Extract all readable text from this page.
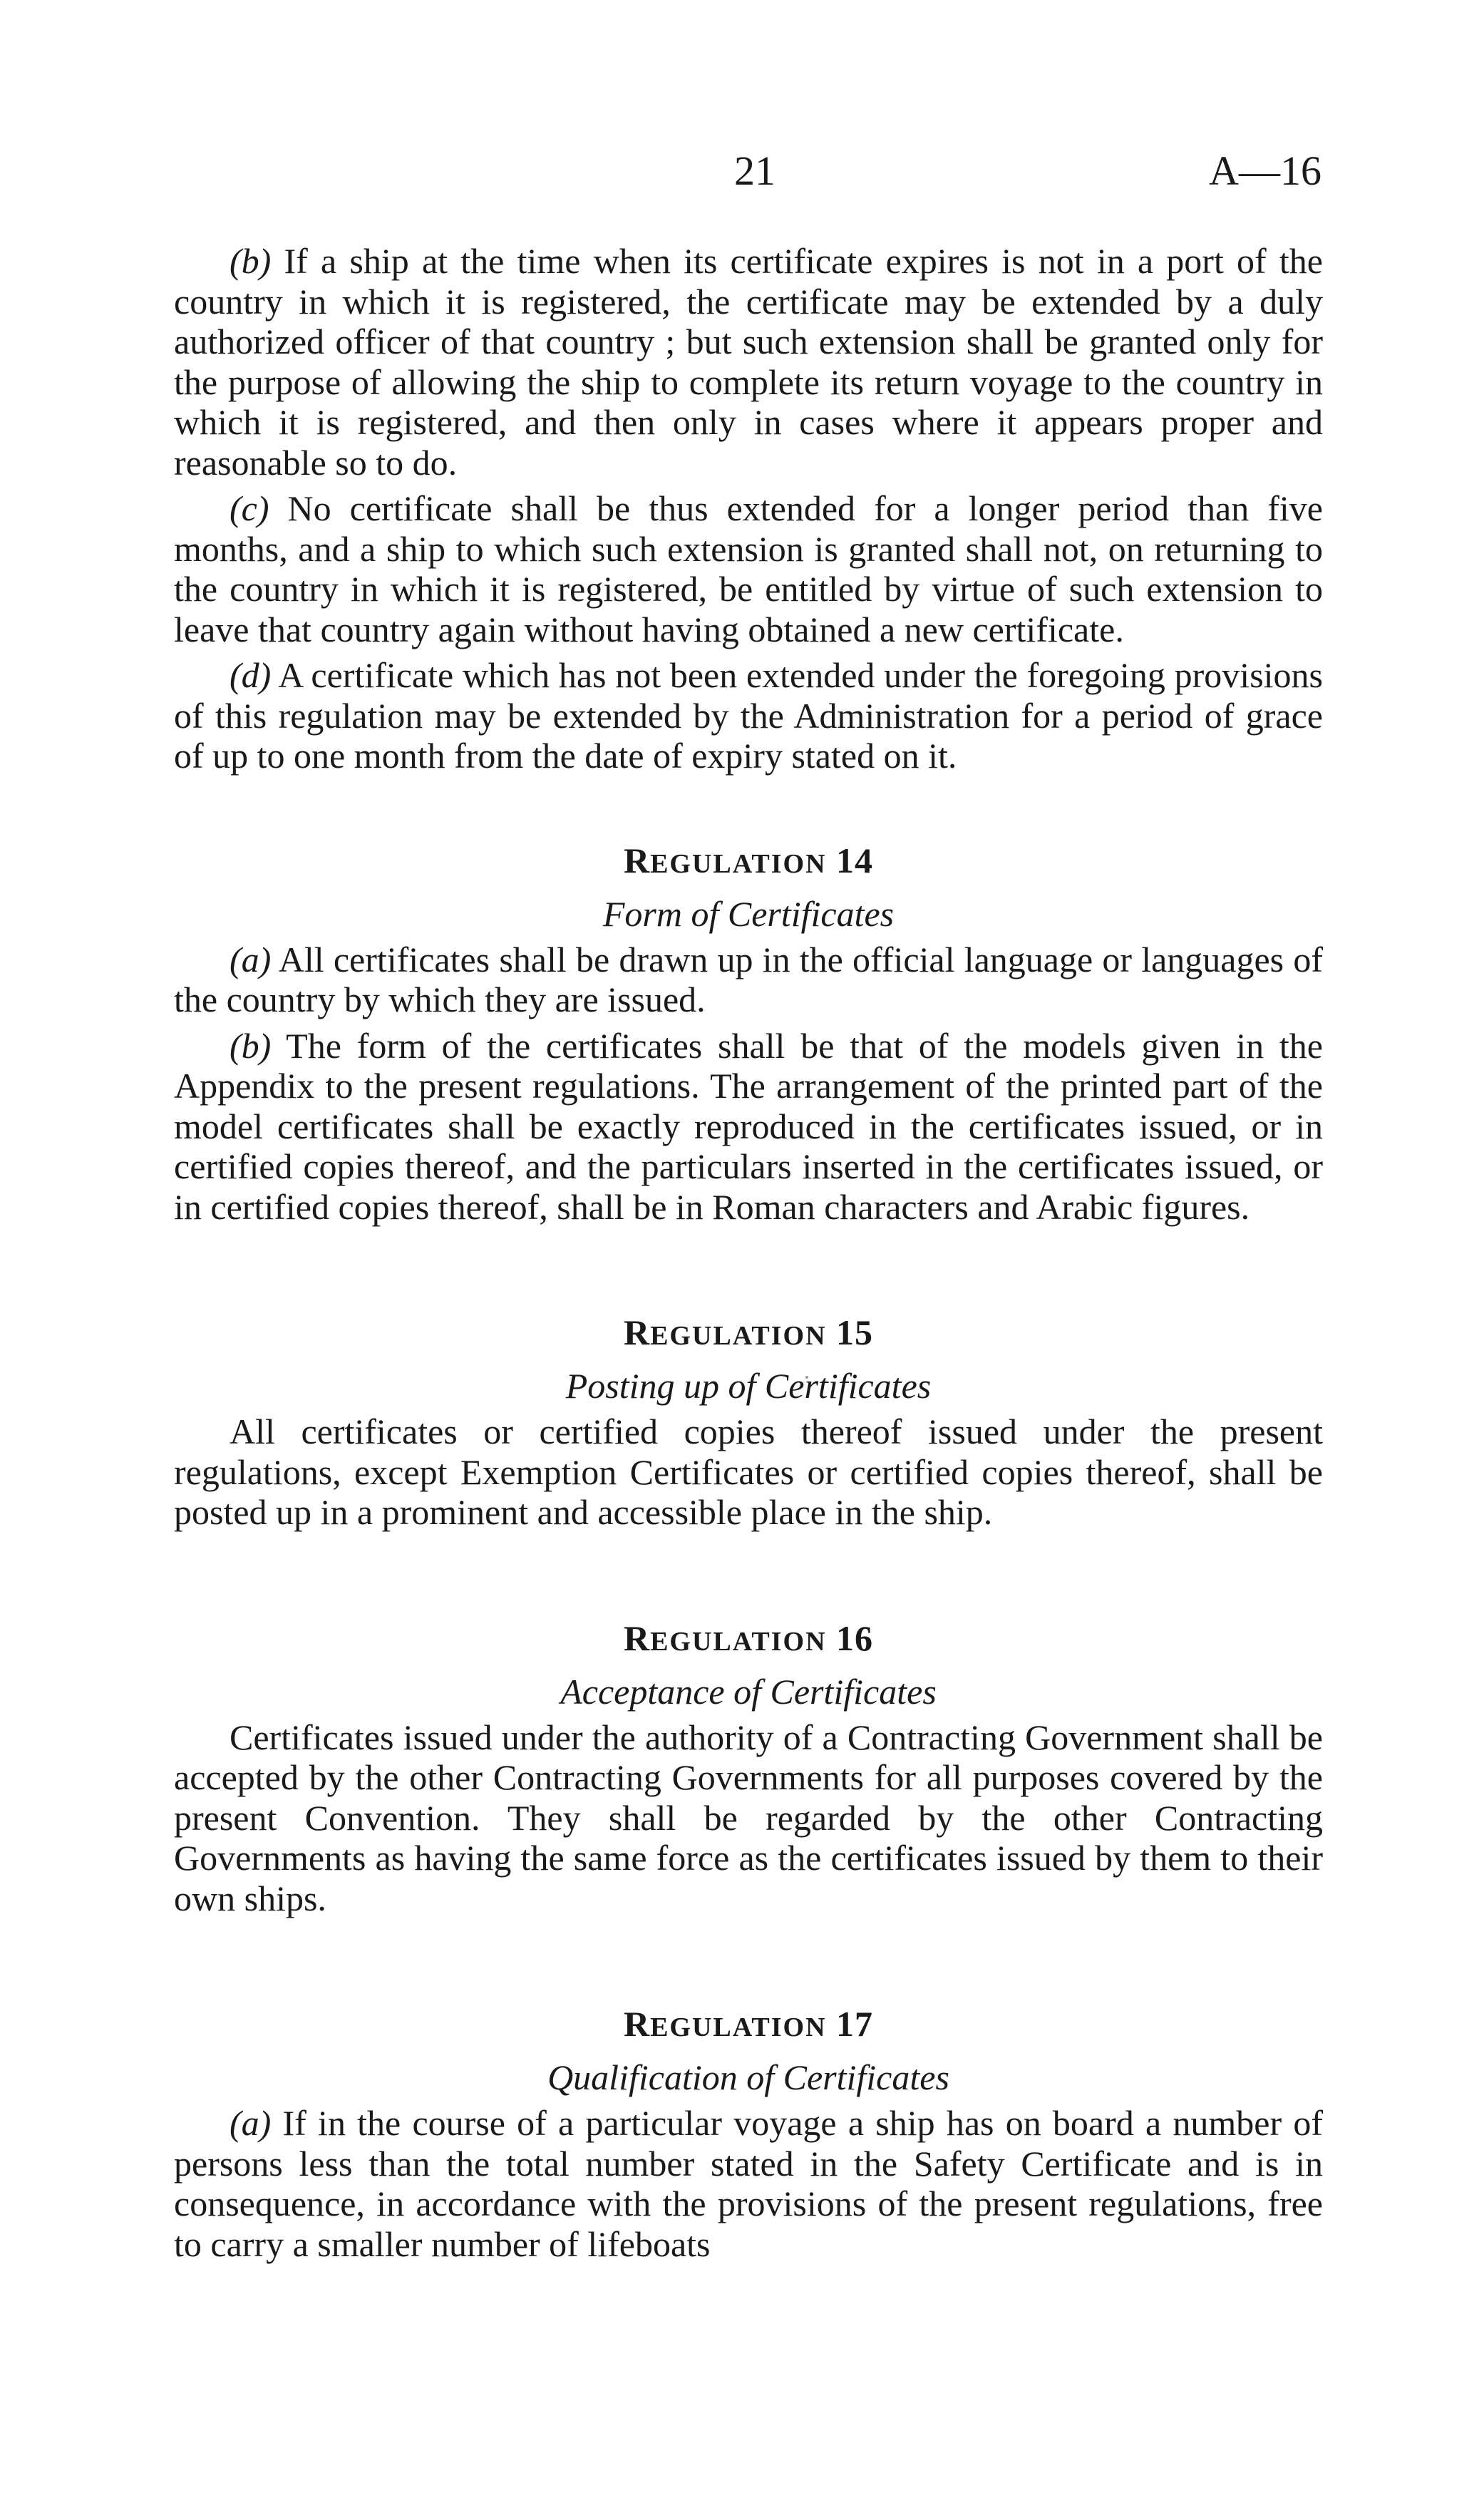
21	A—16

(b) If a ship at the time when its certificate expires is not in a port of the country in which it is registered, the certificate may be extended by a duly authorized officer of that country ; but such extension shall be granted only for the purpose of allowing the ship to complete its return voyage to the country in which it is registered, and then only in cases where it appears proper and reasonable so to do.

(c) No certificate shall be thus extended for a longer period than five months, and a ship to which such extension is granted shall not, on returning to the country in which it is registered, be entitled by virtue of such extension to leave that country again without having obtained a new certificate.

(d) A certificate which has not been extended under the foregoing provisions of this regulation may be extended by the Administration for a period of grace of up to one month from the date of expiry stated on it.

REGULATION 14
Form of Certificates

(a) All certificates shall be drawn up in the official language or languages of the country by which they are issued.

(b) The form of the certificates shall be that of the models given in the Appendix to the present regulations. The arrangement of the printed part of the model certificates shall be exactly reproduced in the certificates issued, or in certified copies thereof, and the particulars inserted in the certificates issued, or in certified copies thereof, shall be in Roman characters and Arabic figures.

REGULATION 15
Posting up of Certificates

All certificates or certified copies thereof issued under the present regulations, except Exemption Certificates or certified copies thereof, shall be posted up in a prominent and accessible place in the ship.

REGULATION 16
Acceptance of Certificates

Certificates issued under the authority of a Contracting Government shall be accepted by the other Contracting Governments for all purposes covered by the present Convention. They shall be regarded by the other Contracting Governments as having the same force as the certificates issued by them to their own ships.

REGULATION 17
Qualification of Certificates

(a) If in the course of a particular voyage a ship has on board a number of persons less than the total number stated in the Safety Certificate and is in consequence, in accordance with the provisions of the present regulations, free to carry a smaller number of lifeboats
